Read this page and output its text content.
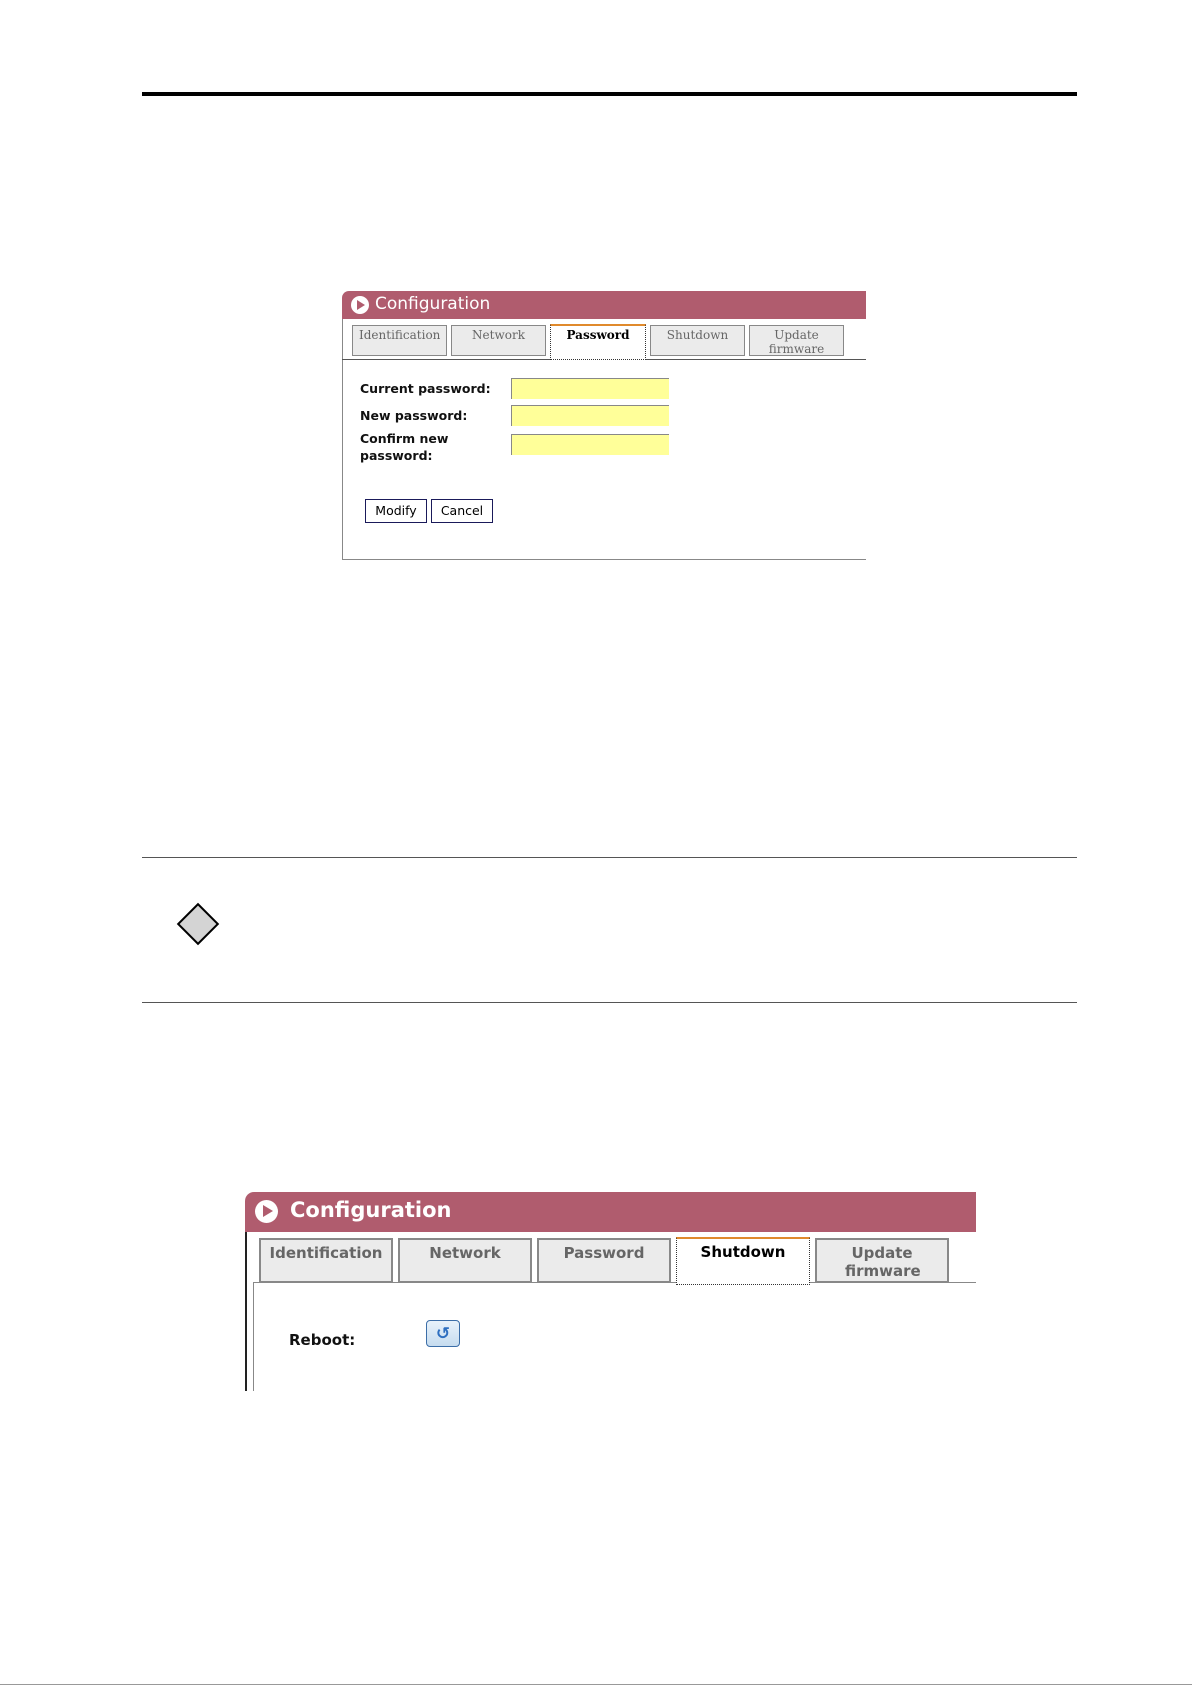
Configuration
Identification	Network	Password	Shutdown	Update firmware
Current password:
New password:
Confirm new password:
Modify	Cancel
Configuration
Identification	Network	Password	Shutdown	Update firmware
Reboot:	↺
